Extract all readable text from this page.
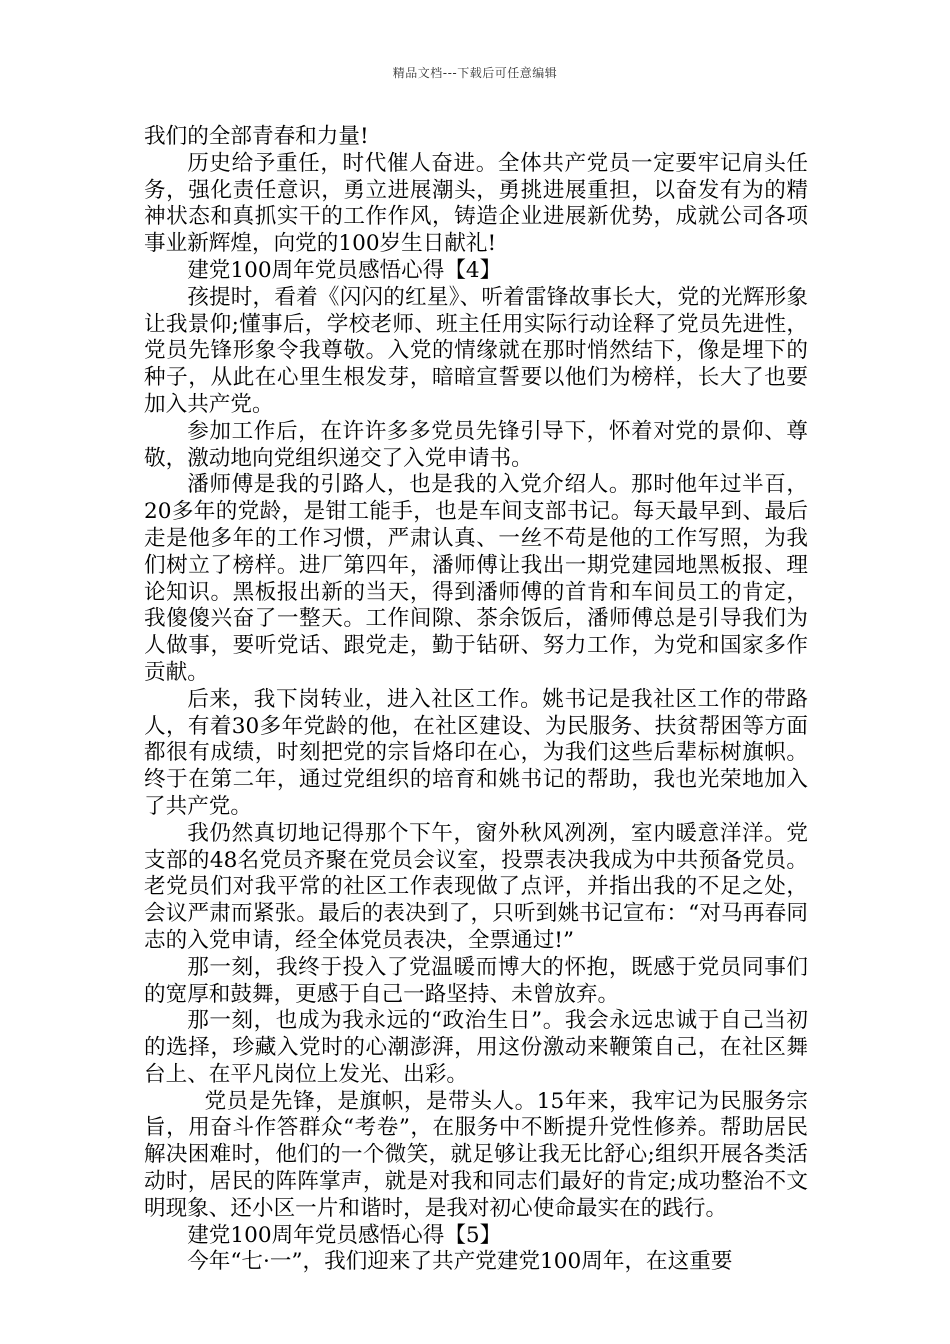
精品文档---下载后可任意编辑

我们的全部青春和力量!

历史给予重任，时代催人奋进。全体共产党员一定要牢记肩头任务，强化责任意识，勇立进展潮头，勇挑进展重担，以奋发有为的精神状态和真抓实干的工作作风，铸造企业进展新优势，成就公司各项事业新辉煌，向党的100岁生日献礼!

建党100周年党员感悟心得【4】

孩提时，看着《闪闪的红星》、听着雷锋故事长大，党的光辉形象让我景仰;懂事后，学校老师、班主任用实际行动诠释了党员先进性，党员先锋形象令我尊敬。入党的情缘就在那时悄然结下，像是埋下的种子，从此在心里生根发芽，暗暗宣誓要以他们为榜样，长大了也要加入共产党。

参加工作后，在许许多多党员先锋引导下，怀着对党的景仰、尊敬，激动地向党组织递交了入党申请书。

潘师傅是我的引路人，也是我的入党介绍人。那时他年过半百，20多年的党龄，是钳工能手，也是车间支部书记。每天最早到、最后走是他多年的工作习惯，严肃认真、一丝不苟是他的工作写照，为我们树立了榜样。进厂第四年，潘师傅让我出一期党建园地黑板报、理论知识。黑板报出新的当天，得到潘师傅的首肯和车间员工的肯定，我傻傻兴奋了一整天。工作间隙、茶余饭后，潘师傅总是引导我们为人做事，要听党话、跟党走，勤于钻研、努力工作，为党和国家多作贡献。

后来，我下岗转业，进入社区工作。姚书记是我社区工作的带路人，有着30多年党龄的他，在社区建设、为民服务、扶贫帮困等方面都很有成绩，时刻把党的宗旨烙印在心，为我们这些后辈标树旗帜。终于在第二年，通过党组织的培育和姚书记的帮助，我也光荣地加入了共产党。

我仍然真切地记得那个下午，窗外秋风冽冽，室内暖意洋洋。党支部的48名党员齐聚在党员会议室，投票表决我成为中共预备党员。老党员们对我平常的社区工作表现做了点评，并指出我的不足之处，会议严肃而紧张。最后的表决到了，只听到姚书记宣布：“对马再春同志的入党申请，经全体党员表决，全票通过!”

那一刻，我终于投入了党温暖而博大的怀抱，既感于党员同事们的宽厚和鼓舞，更感于自己一路坚持、未曾放弃。

那一刻，也成为我永远的“政治生日”。我会永远忠诚于自己当初的选择，珍藏入党时的心潮澎湃，用这份激动来鞭策自己，在社区舞台上、在平凡岗位上发光、出彩。

党员是先锋，是旗帜，是带头人。15年来，我牢记为民服务宗旨，用奋斗作答群众“考卷”，在服务中不断提升党性修养。帮助居民解决困难时，他们的一个微笑，就足够让我无比舒心;组织开展各类活动时，居民的阵阵掌声，就是对我和同志们最好的肯定;成功整治不文明现象、还小区一片和谐时，是我对初心使命最实在的践行。

建党100周年党员感悟心得【5】

今年“七·一”，我们迎来了共产党建党100周年，在这重要
